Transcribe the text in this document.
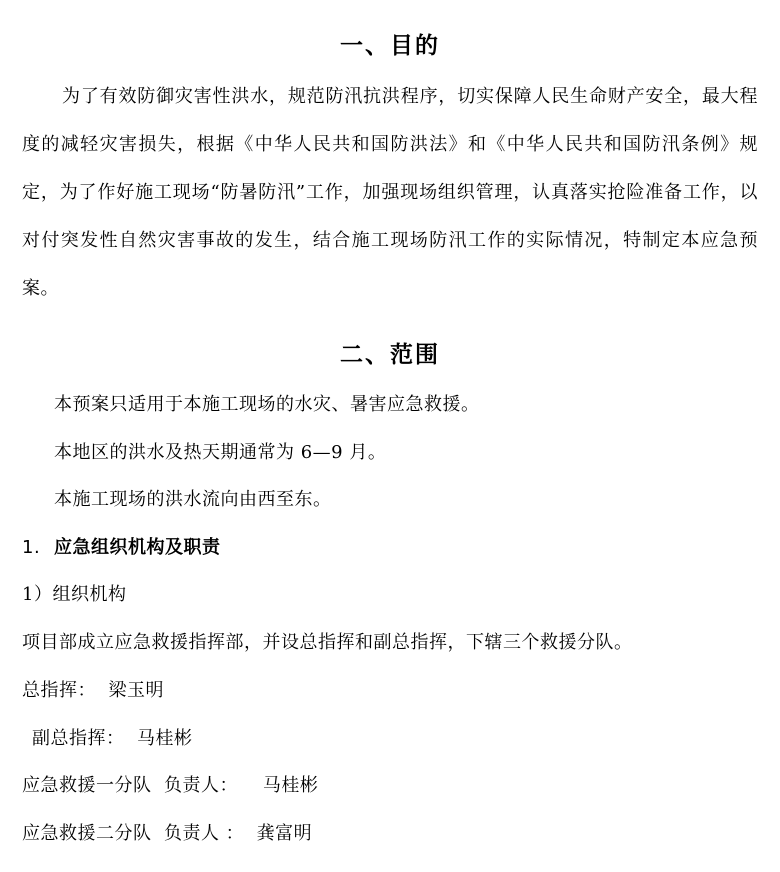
一、目的
为了有效防御灾害性洪水，规范防汛抗洪程序，切实保障人民生命财产安全，最大程度的减轻灾害损失，根据《中华人民共和国防洪法》和《中华人民共和国防汛条例》规定，为了作好施工现场“防暑防汛”工作，加强现场组织管理，认真落实抢险准备工作，以对付突发性自然灾害事故的发生，结合施工现场防汛工作的实际情况，特制定本应急预案。
二、范围
本预案只适用于本施工现场的水灾、暑害应急救援。
本地区的洪水及热天期通常为 6—9 月。
本施工现场的洪水流向由西至东。
1. 应急组织机构及职责
1）组织机构
项目部成立应急救援指挥部，并设总指挥和副总指挥，下辖三个救援分队。
总指挥：  梁玉明
副总指挥：  马桂彬
应急救援一分队  负责人：    马桂彬
应急救援二分队  负责人 ：  龚富明
